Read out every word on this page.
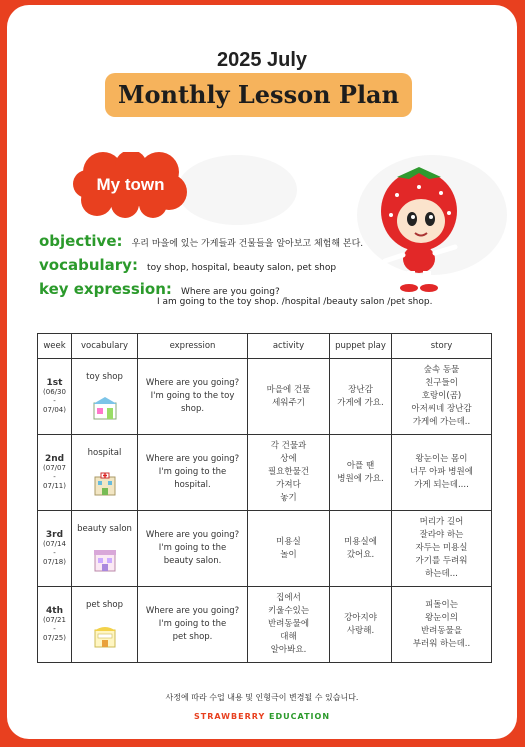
2025 July
Monthly Lesson Plan
My town
objective: 우리 마을에 있는 가게들과 건물들을 알아보고 체험해 본다.
vocabulary: toy shop, hospital, beauty salon, pet shop
key expression: Where are you going?
I am going to the toy shop. /hospital /beauty salon /pet shop.
week	vocabulary	expression	activity	puppet play	story
1st
(06/30
-
07/04)	toy shop	Where are you going?
I'm going to the toy
shop.	마을에 건물
세워주기	장난감
가게에 가요.	숲속 동물
친구들이
호랑이(곰)
아저씨네 장난감
가게에 가는데..
2nd
(07/07
-
07/11)	hospital	Where are you going?
I'm going to the
hospital.	각 건물과
상에
필요한물건
가져다
놓기	아플 땐
병원에 가요.	왕눈이는 몸이
너무 아파 병원에
가게 되는데....
3rd
(07/14
-
07/18)	beauty salon	Where are you going?
I'm going to the
beauty salon.	미용실
놀이	미용실에
갔어요.	머리가 길어
잘라야 하는
자두는 미용실
가기를 두려워
하는데...
4th
(07/21
-
07/25)	pet shop	Where are you going?
I'm going to the
pet shop.	집에서
키울수있는
반려동물에
대해
알아봐요.	강아지야
사랑해.	피돌이는
왕눈이의
반려동물을
부러워 하는데..
사정에 따라 수업 내용 및 인형극이 변경될 수 있습니다.
STRAWBERRY EDUCATION
